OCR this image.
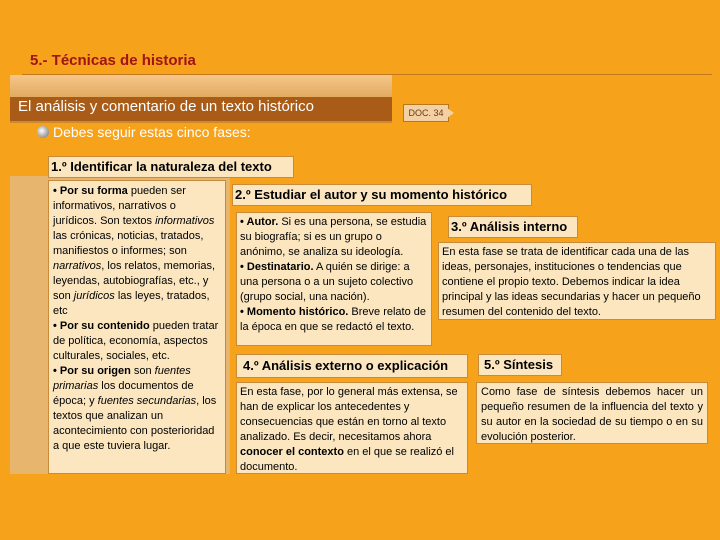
5.- Técnicas de historia
El análisis y comentario de un texto histórico	DOC. 34
Debes seguir estas cinco fases:
1.º Identificar la naturaleza del texto
• Por su forma pueden ser informativos, narrativos o jurídicos. Son textos informativos las crónicas, noticias, tratados, manifiestos o informes; son narrativos, los relatos, memorias, leyendas, autobiografías, etc., y son jurídicos las leyes, tratados, etc
• Por su contenido pueden tratar de política, economía, aspectos culturales, sociales, etc.
• Por su origen son fuentes primarias los documentos de época; y fuentes secundarias, los textos que analizan un acontecimiento con posterioridad a que este tuviera lugar.
2.º Estudiar el autor y su momento histórico
• Autor. Si es una persona, se estudia su biografía; si es un grupo o anónimo, se analiza su ideología.
• Destinatario. A quién se dirige: a una persona o a un sujeto colectivo (grupo social, una nación).
• Momento histórico. Breve relato de la época en que se redactó el texto.
3.º Análisis interno
En esta fase se trata de identificar cada una de las ideas, personajes, instituciones o tendencias que contiene el propio texto. Debemos indicar la idea principal y las ideas secundarias y hacer un pequeño resumen del contenido del texto.
4.º Análisis externo o explicación
En esta fase, por lo general más extensa, se han de explicar los antecedentes y consecuencias que están en torno al texto analizado. Es decir, necesitamos ahora conocer el contexto en el que se realizó el documento.
5.º Síntesis
Como fase de síntesis debemos hacer un pequeño resumen de la influencia del texto y su autor en la sociedad de su tiempo o en su evolución posterior.
